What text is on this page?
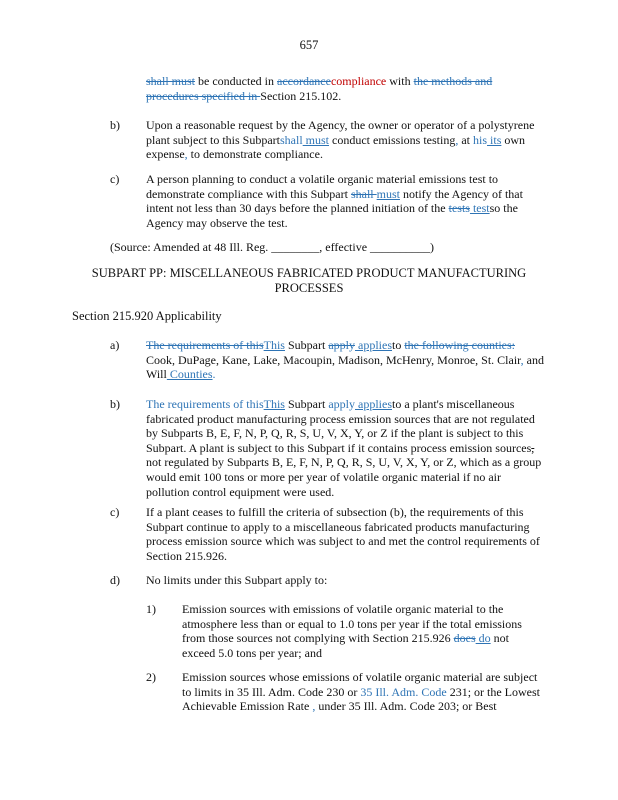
657
shall must be conducted in accordancecompliance with the methods and procedures specified in Section 215.102.
b) Upon a reasonable request by the Agency, the owner or operator of a polystyrene plant subject to this Subpartshall must conduct emissions testing, at his its own expense, to demonstrate compliance.
c) A person planning to conduct a volatile organic material emissions test to demonstrate compliance with this Subpart shall must notify the Agency of that intent not less than 30 days before the planned initiation of the tests testso the Agency may observe the test.
(Source: Amended at 48 Ill. Reg. ________, effective __________)
SUBPART PP: MISCELLANEOUS FABRICATED PRODUCT MANUFACTURING
PROCESSES
Section 215.920 Applicability
a) The requirements of thisThis Subpart apply appliesto the following counties: Cook, DuPage, Kane, Lake, Macoupin, Madison, McHenry, Monroe, St. Clair, and Will Counties.
b) The requirements of thisThis Subpart apply appliesto a plant's miscellaneous fabricated product manufacturing process emission sources that are not regulated by Subparts B, E, F, N, P, Q, R, S, U, V, X, Y, or Z if the plant is subject to this Subpart. A plant is subject to this Subpart if it contains process emission sources, not regulated by Subparts B, E, F, N, P, Q, R, S, U, V, X, Y, or Z, which as a group would emit 100 tons or more per year of volatile organic material if no air pollution control equipment were used.
c) If a plant ceases to fulfill the criteria of subsection (b), the requirements of this Subpart continue to apply to a miscellaneous fabricated products manufacturing process emission source which was subject to and met the control requirements of Section 215.926.
d) No limits under this Subpart apply to:
1) Emission sources with emissions of volatile organic material to the atmosphere less than or equal to 1.0 tons per year if the total emissions from those sources not complying with Section 215.926 does do not exceed 5.0 tons per year; and
2) Emission sources whose emissions of volatile organic material are subject to limits in 35 Ill. Adm. Code 230 or 35 Ill. Adm. Code 231; or the Lowest Achievable Emission Rate , under 35 Ill. Adm. Code 203; or Best
